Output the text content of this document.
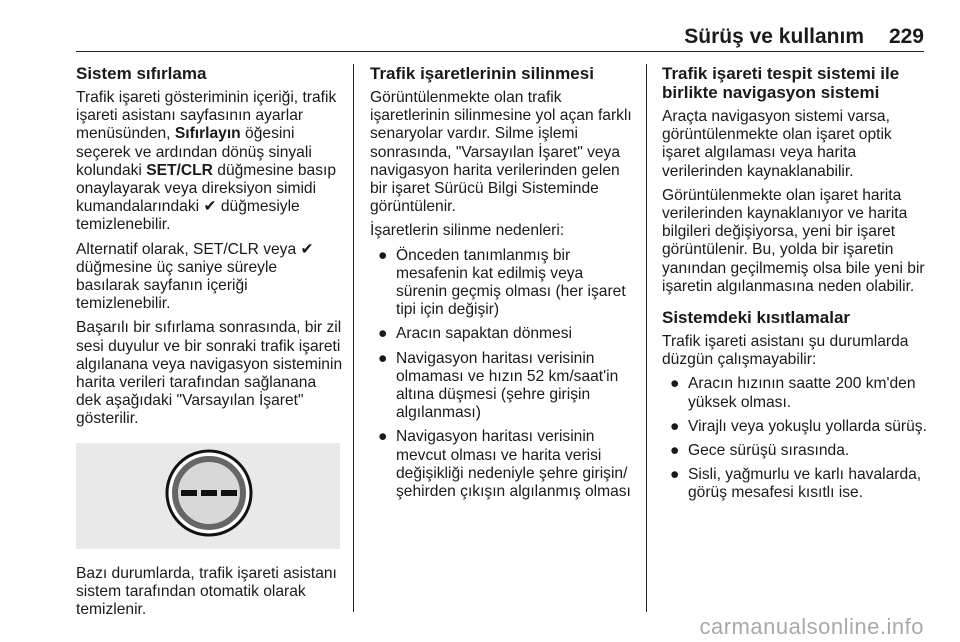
Sürüş ve kullanım 229
Sistem sıfırlama

Trafik işareti gösteriminin içeriği, trafik işareti asistanı sayfasının ayarlar menüsünden, Sıfırlayın öğesini seçerek ve ardından dönüş sinyali kolundaki SET/CLR düğmesine basıp onaylayarak veya direksiyon simidi kumandalarındaki ✔ düğmesiyle temizlenebilir.

Alternatif olarak, SET/CLR veya ✔ düğmesine üç saniye süreyle basılarak sayfanın içeriği temizlenebilir.

Başarılı bir sıfırlama sonrasında, bir zil sesi duyulur ve bir sonraki trafik işareti algılanana veya navigasyon sisteminin harita verileri tarafından sağlanana dek aşağıdaki "Varsayılan İşaret" gösterilir.

Bazı durumlarda, trafik işareti asistanı sistem tarafından otomatik olarak temizlenir.

Trafik işaretlerinin silinmesi

Görüntülenmekte olan trafik işaretlerinin silinmesine yol açan farklı senaryolar vardır. Silme işlemi sonrasında, "Varsayılan İşaret" veya navigasyon harita verilerinden gelen bir işaret Sürücü Bilgi Sisteminde görüntülenir.

İşaretlerin silinme nedenleri:

● Önceden tanımlanmış bir mesafenin kat edilmiş veya sürenin geçmiş olması (her işaret tipi için değişir)
● Aracın sapaktan dönmesi
● Navigasyon haritası verisinin olmaması ve hızın 52 km/saat'in altına düşmesi (şehre girişin algılanması)
● Navigasyon haritası verisinin mevcut olması ve harita verisi değişikliği nedeniyle şehre girişin/şehirden çıkışın algılanmış olması
Trafik işareti tespit sistemi ile birlikte navigasyon sistemi

Araçta navigasyon sistemi varsa, görüntülenmekte olan işaret optik işaret algılaması veya harita verilerinden kaynaklanabilir.

Görüntülenmekte olan işaret harita verilerinden kaynaklanıyor ve harita bilgileri değişiyorsa, yeni bir işaret görüntülenir. Bu, yolda bir işaretin yanından geçilmemiş olsa bile yeni bir işaretin algılanmasına neden olabilir.

Sistemdeki kısıtlamalar

Trafik işareti asistanı şu durumlarda düzgün çalışmayabilir:

● Aracın hızının saatte 200 km'den yüksek olması.
● Virajlı veya yokuşlu yollarda sürüş.
● Gece sürüşü sırasında.
● Sisli, yağmurlu ve karlı havalarda, görüş mesafesi kısıtlı ise.
carmanualsonline.info
